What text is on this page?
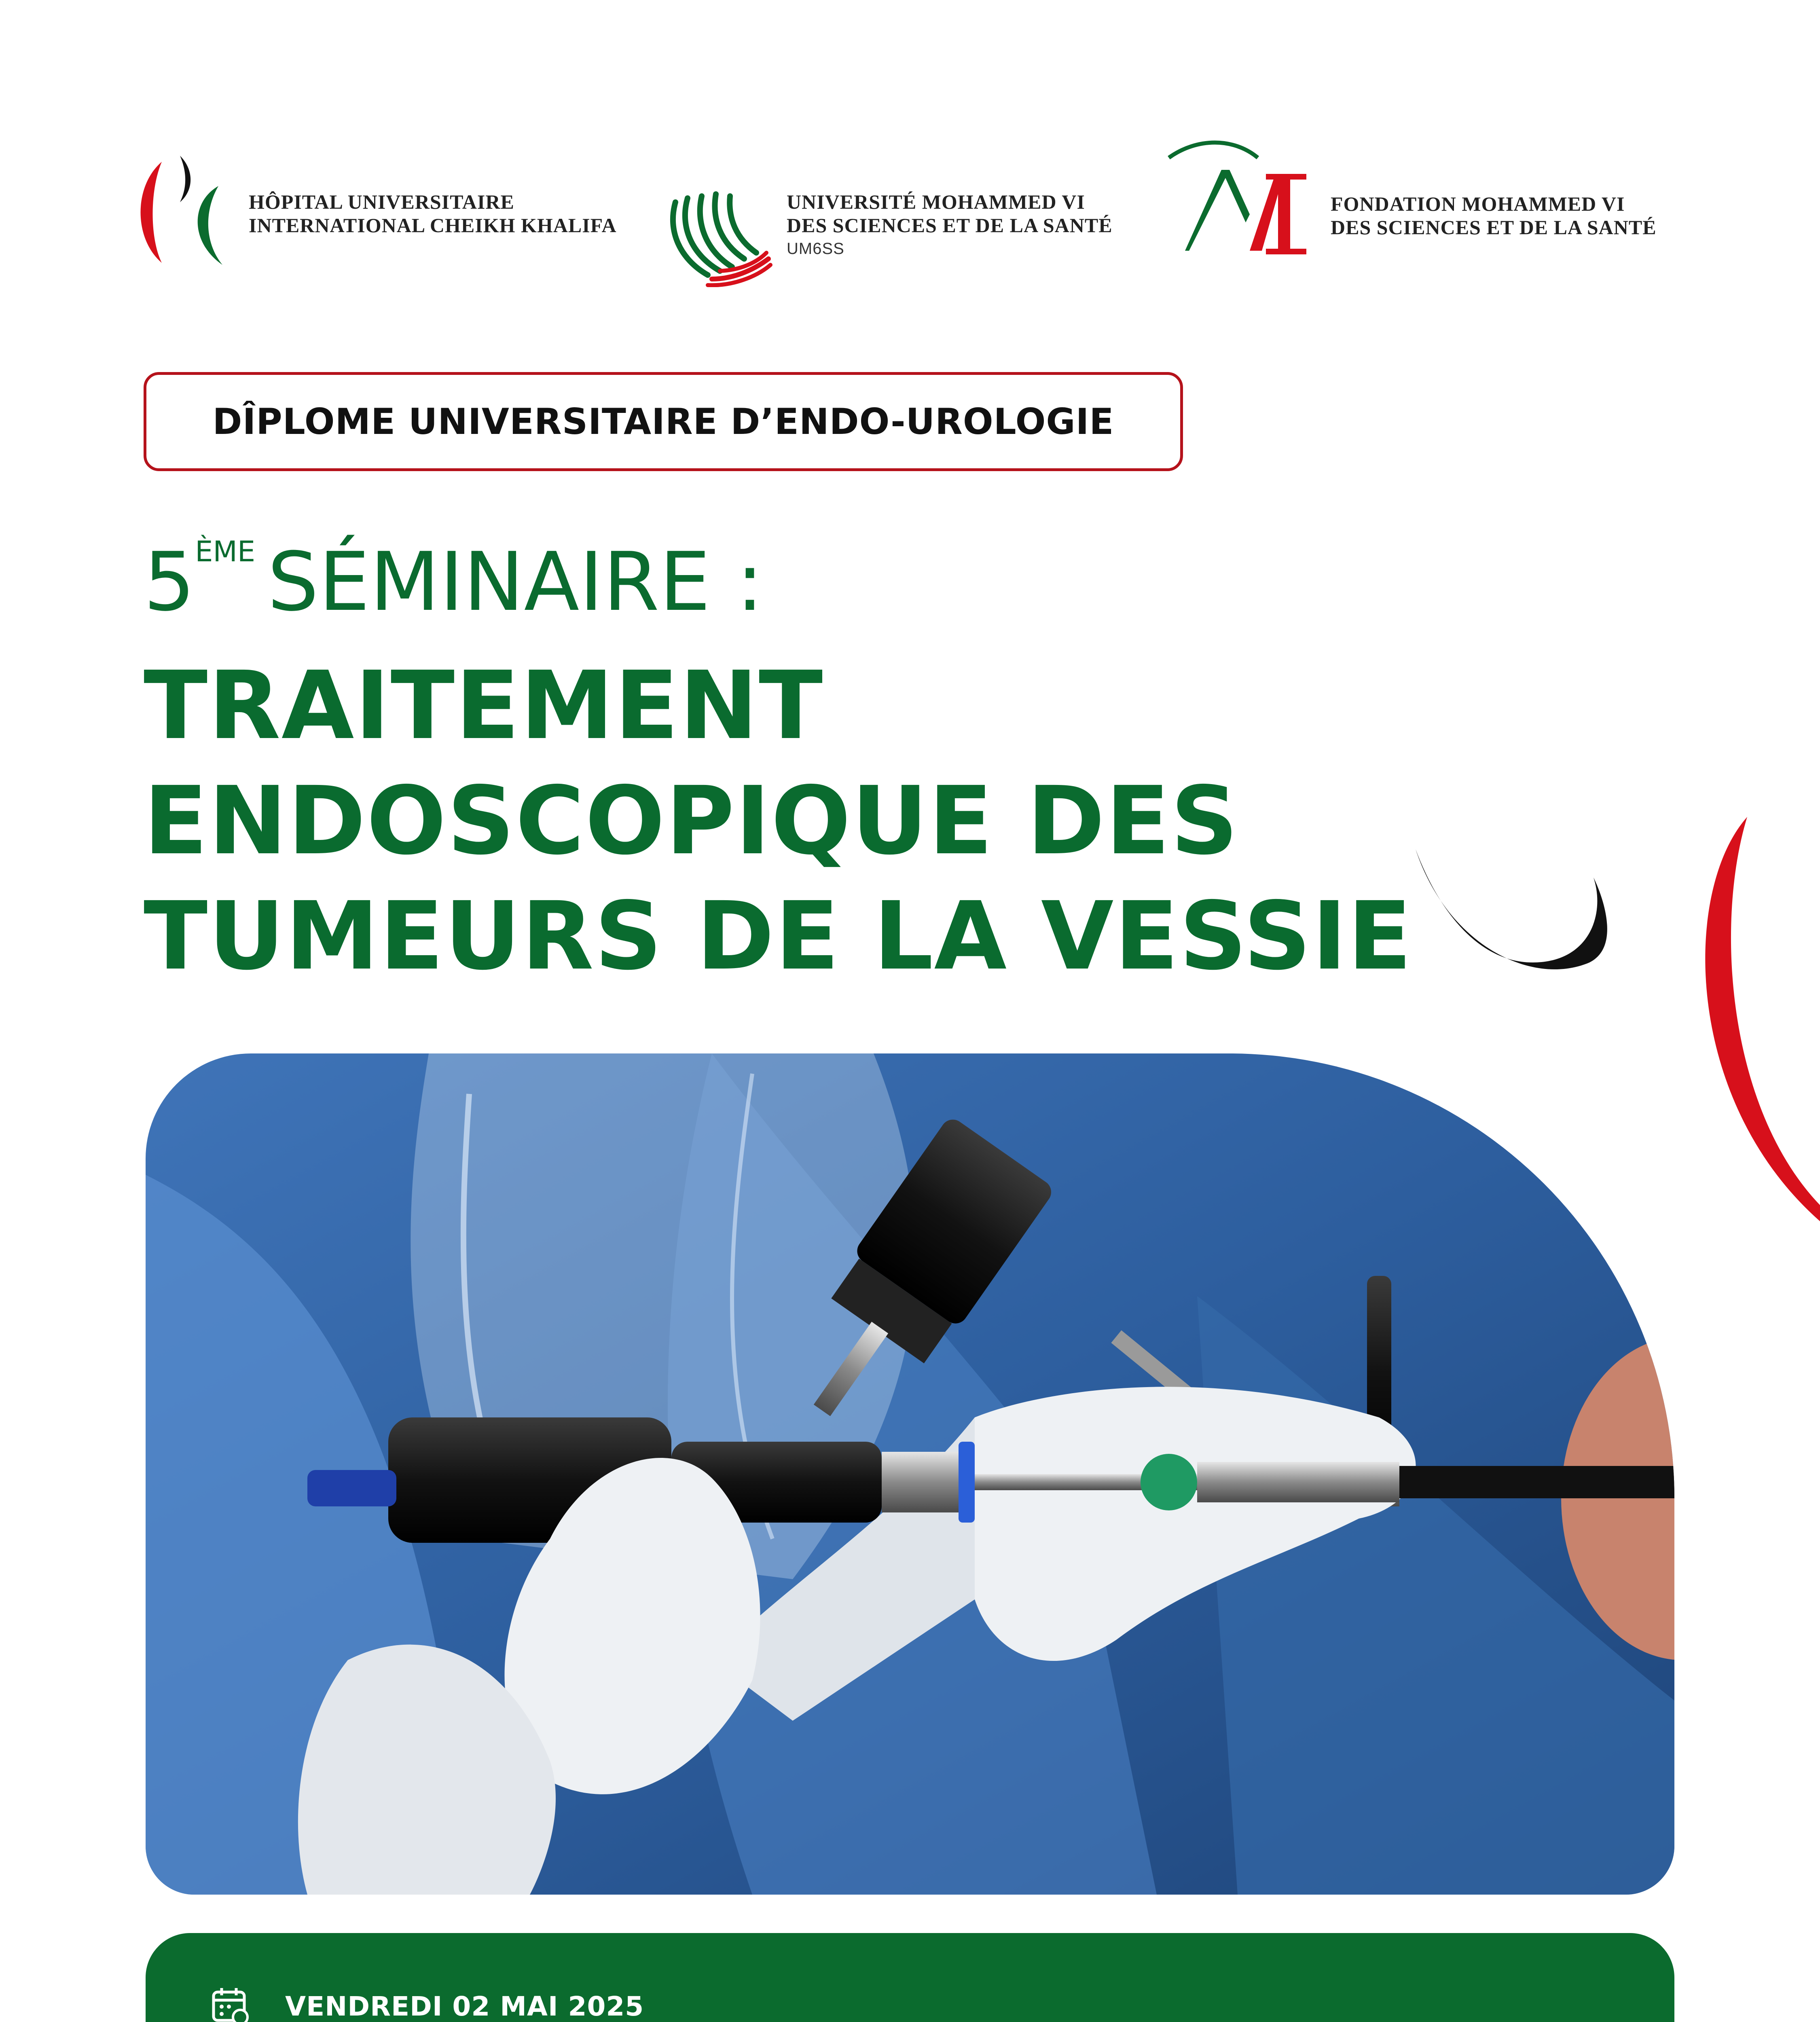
HÔPITAL UNIVERSITAIRE
INTERNATIONAL CHEIKH KHALIFA
UNIVERSITÉ MOHAMMED VI
DES SCIENCES ET DE LA SANTÉ
UM6SS
FONDATION MOHAMMED VI
DES SCIENCES ET DE LA SANTÉ
DÎPLOME UNIVERSITAIRE D’ENDO-UROLOGIE
5ÈME SÉMINAIRE :
TRAITEMENT
ENDOSCOPIQUE DES
TUMEURS DE LA VESSIE
VENDREDI 02 MAI 2025
